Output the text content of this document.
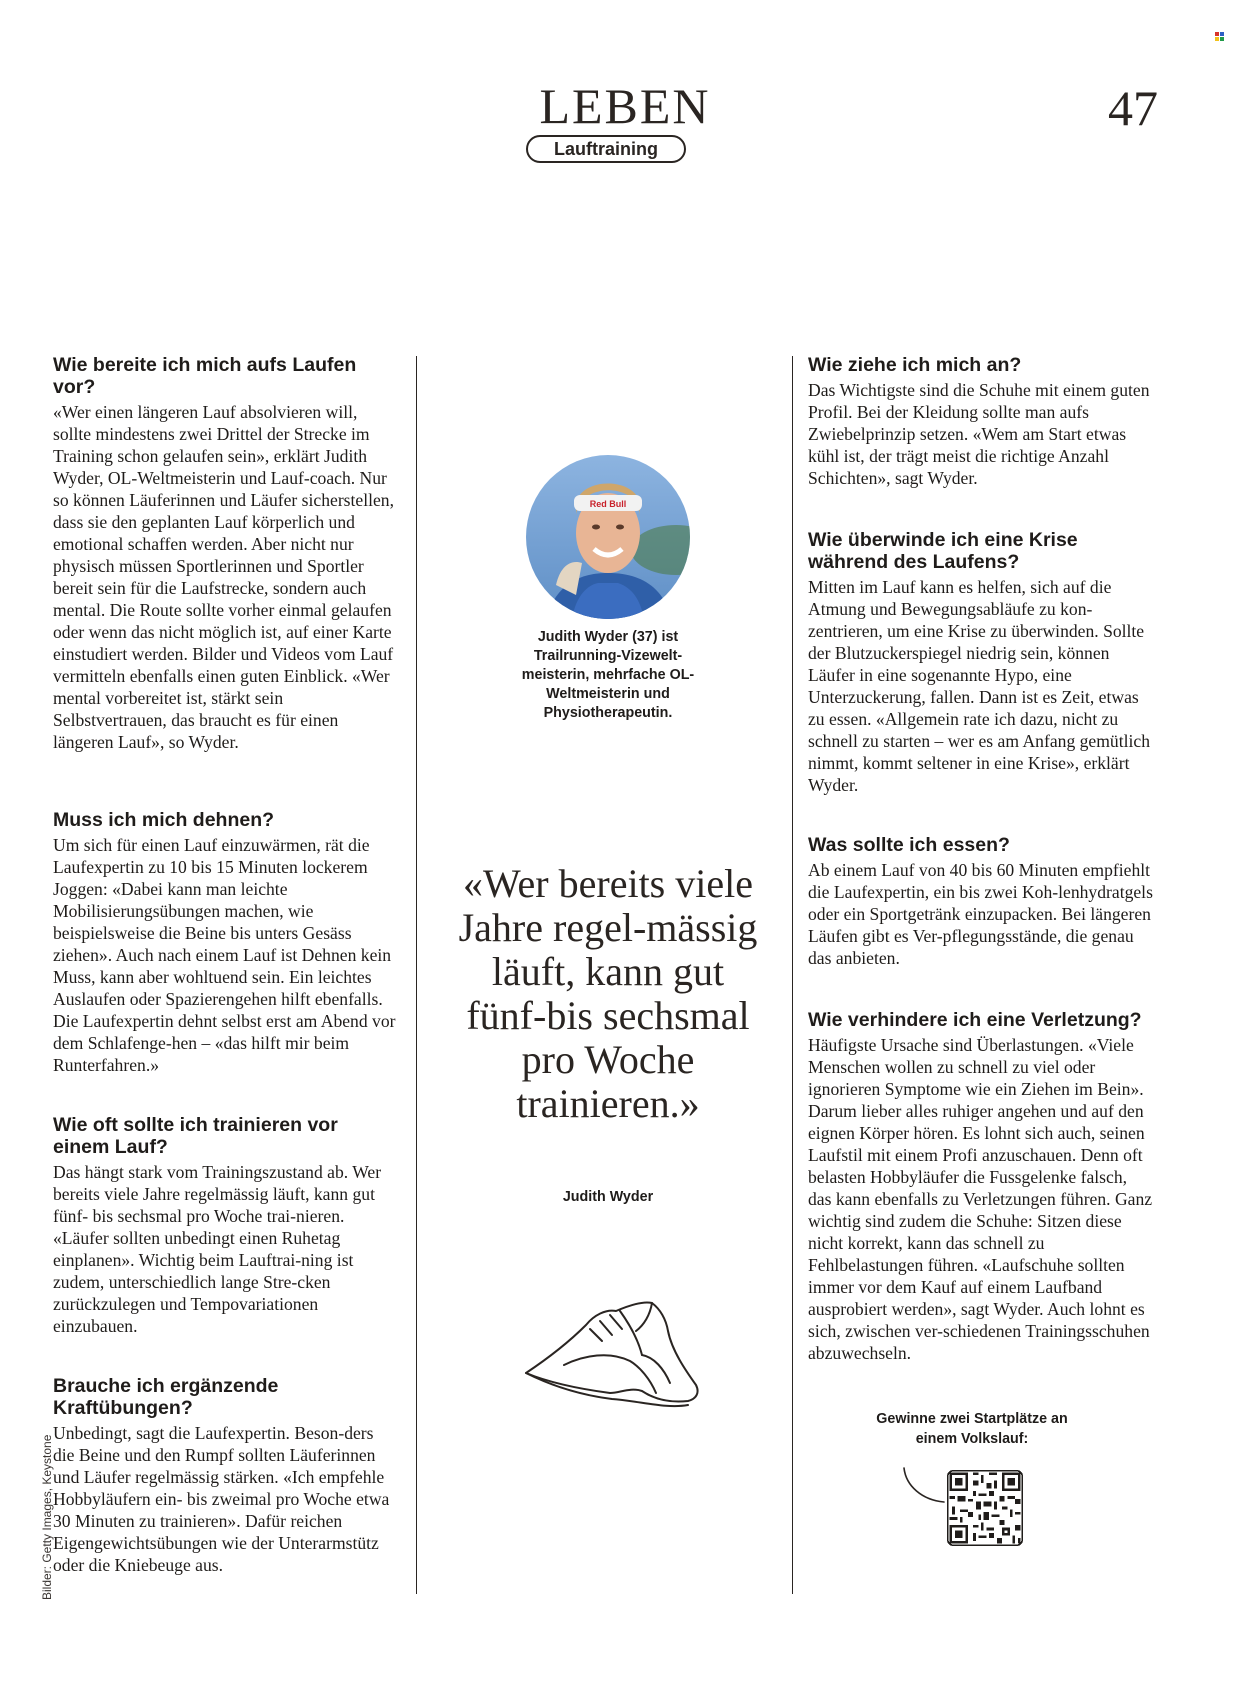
LEBEN
Lauftraining
47
Wie bereite ich mich aufs Laufen vor?

«Wer einen längeren Lauf absolvieren will, sollte mindestens zwei Drittel der Strecke im Training schon gelaufen sein», erklärt Judith Wyder, OL-Weltmeisterin und Lauf-coach. Nur so können Läuferinnen und Läufer sicherstellen, dass sie den geplanten Lauf körperlich und emotional schaffen werden. Aber nicht nur physisch müssen Sportlerinnen und Sportler bereit sein für die Laufstrecke, sondern auch mental. Die Route sollte vorher einmal gelaufen oder wenn das nicht möglich ist, auf einer Karte einstudiert werden. Bilder und Videos vom Lauf vermitteln ebenfalls einen guten Einblick. «Wer mental vorbereitet ist, stärkt sein Selbstvertrauen, das braucht es für einen längeren Lauf», so Wyder.

Muss ich mich dehnen?

Um sich für einen Lauf einzuwärmen, rät die Laufexpertin zu 10 bis 15 Minuten lockerem Joggen: «Dabei kann man leichte Mobilisierungsübungen machen, wie beispielsweise die Beine bis unters Gesäss ziehen». Auch nach einem Lauf ist Dehnen kein Muss, kann aber wohltuend sein. Ein leichtes Auslaufen oder Spazierengehen hilft ebenfalls. Die Laufexpertin dehnt selbst erst am Abend vor dem Schlafenge-hen – «das hilft mir beim Runterfahren.»

Wie oft sollte ich trainieren vor einem Lauf?

Das hängt stark vom Trainingszustand ab. Wer bereits viele Jahre regelmässig läuft, kann gut fünf- bis sechsmal pro Woche trai-nieren. «Läufer sollten unbedingt einen Ruhetag einplanen». Wichtig beim Lauftrai-ning ist zudem, unterschiedlich lange Stre-cken zurückzulegen und Tempovariationen einzubauen.

Brauche ich ergänzende Kraftübungen?

Unbedingt, sagt die Laufexpertin. Beson-ders die Beine und den Rumpf sollten Läuferinnen und Läufer regelmässig stärken. «Ich empfehle Hobbyläufern ein- bis zweimal pro Woche etwa 30 Minuten zu trainieren». Dafür reichen Eigengewichtsübungen wie der Unterarmstütz oder die Kniebeuge aus.

Red Bull
Judith Wyder (37) ist Trailrunning-Vizewelt-meisterin, mehrfache OL-Weltmeisterin und Physiotherapeutin.
«Wer bereits viele Jahre regel-mässig läuft, kann gut fünf-bis sechsmal pro Woche trainieren.»
Judith Wyder
Wie ziehe ich mich an?

Das Wichtigste sind die Schuhe mit einem guten Profil. Bei der Kleidung sollte man aufs Zwiebelprinzip setzen. «Wem am Start etwas kühl ist, der trägt meist die richtige Anzahl Schichten», sagt Wyder.

Wie überwinde ich eine Krise während des Laufens?

Mitten im Lauf kann es helfen, sich auf die Atmung und Bewegungsabläufe zu kon-zentrieren, um eine Krise zu überwinden. Sollte der Blutzuckerspiegel niedrig sein, können Läufer in eine sogenannte Hypo, eine Unterzuckerung, fallen. Dann ist es Zeit, etwas zu essen. «Allgemein rate ich dazu, nicht zu schnell zu starten – wer es am Anfang gemütlich nimmt, kommt seltener in eine Krise», erklärt Wyder.

Was sollte ich essen?

Ab einem Lauf von 40 bis 60 Minuten empfiehlt die Laufexpertin, ein bis zwei Koh-lenhydratgels oder ein Sportgetränk einzupacken. Bei längeren Läufen gibt es Ver-pflegungsstände, die genau das anbieten.

Wie verhindere ich eine Verletzung?

Häufigste Ursache sind Überlastungen. «Viele Menschen wollen zu schnell zu viel oder ignorieren Symptome wie ein Ziehen im Bein». Darum lieber alles ruhiger angehen und auf den eignen Körper hören. Es lohnt sich auch, seinen Laufstil mit einem Profi anzuschauen. Denn oft belasten Hobbyläufer die Fussgelenke falsch, das kann ebenfalls zu Verletzungen führen. Ganz wichtig sind zudem die Schuhe: Sitzen diese nicht korrekt, kann das schnell zu Fehlbelastungen führen. «Laufschuhe sollten immer vor dem Kauf auf einem Laufband ausprobiert werden», sagt Wyder. Auch lohnt es sich, zwischen ver-schiedenen Trainingsschuhen abzuwechseln.

Gewinne zwei Startplätze an einem Volkslauf:
Bilder: Getty Images, Keystone
